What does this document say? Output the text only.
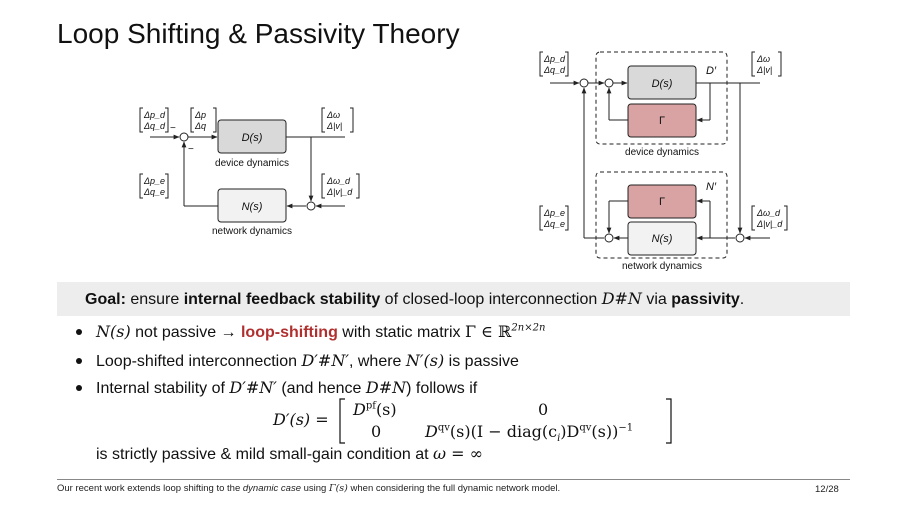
Loop Shifting & Passivity Theory
D(s)
N(s)
device dynamics
network dynamics
−
−
Δp_d
Δq_d
Δp
Δq
Δω
Δ|v|
Δp_e
Δq_e
Δω_d
Δ|v|_d
D(s)
Γ
Γ
N(s)
D′
N′
device dynamics
network dynamics
Δp_d
Δq_d
Δω
Δ|v|
Δp_e
Δq_e
Δω_d
Δ|v|_d
Goal: ensure internal feedback stability of closed-loop interconnection D#N via passivity.
N(s) not passive → loop-shifting with static matrix Γ ∈ ℝ$^{2n\times 2n}$
Loop-shifted interconnection D′#N′, where N′(s) is passive
Internal stability of D′#N′ (and hence D#N) follows if
is strictly passive & mild small-gain condition at ω = ∞
D′(s) =
$D^{pf}(s)$	0
0	$D^{qv}(s)(I$ − $diag(c_i)D^{qv}(s))^{-1}$
Our recent work extends loop shifting to the dynamic case using Γ(s) when considering the full dynamic network model.	12/28
